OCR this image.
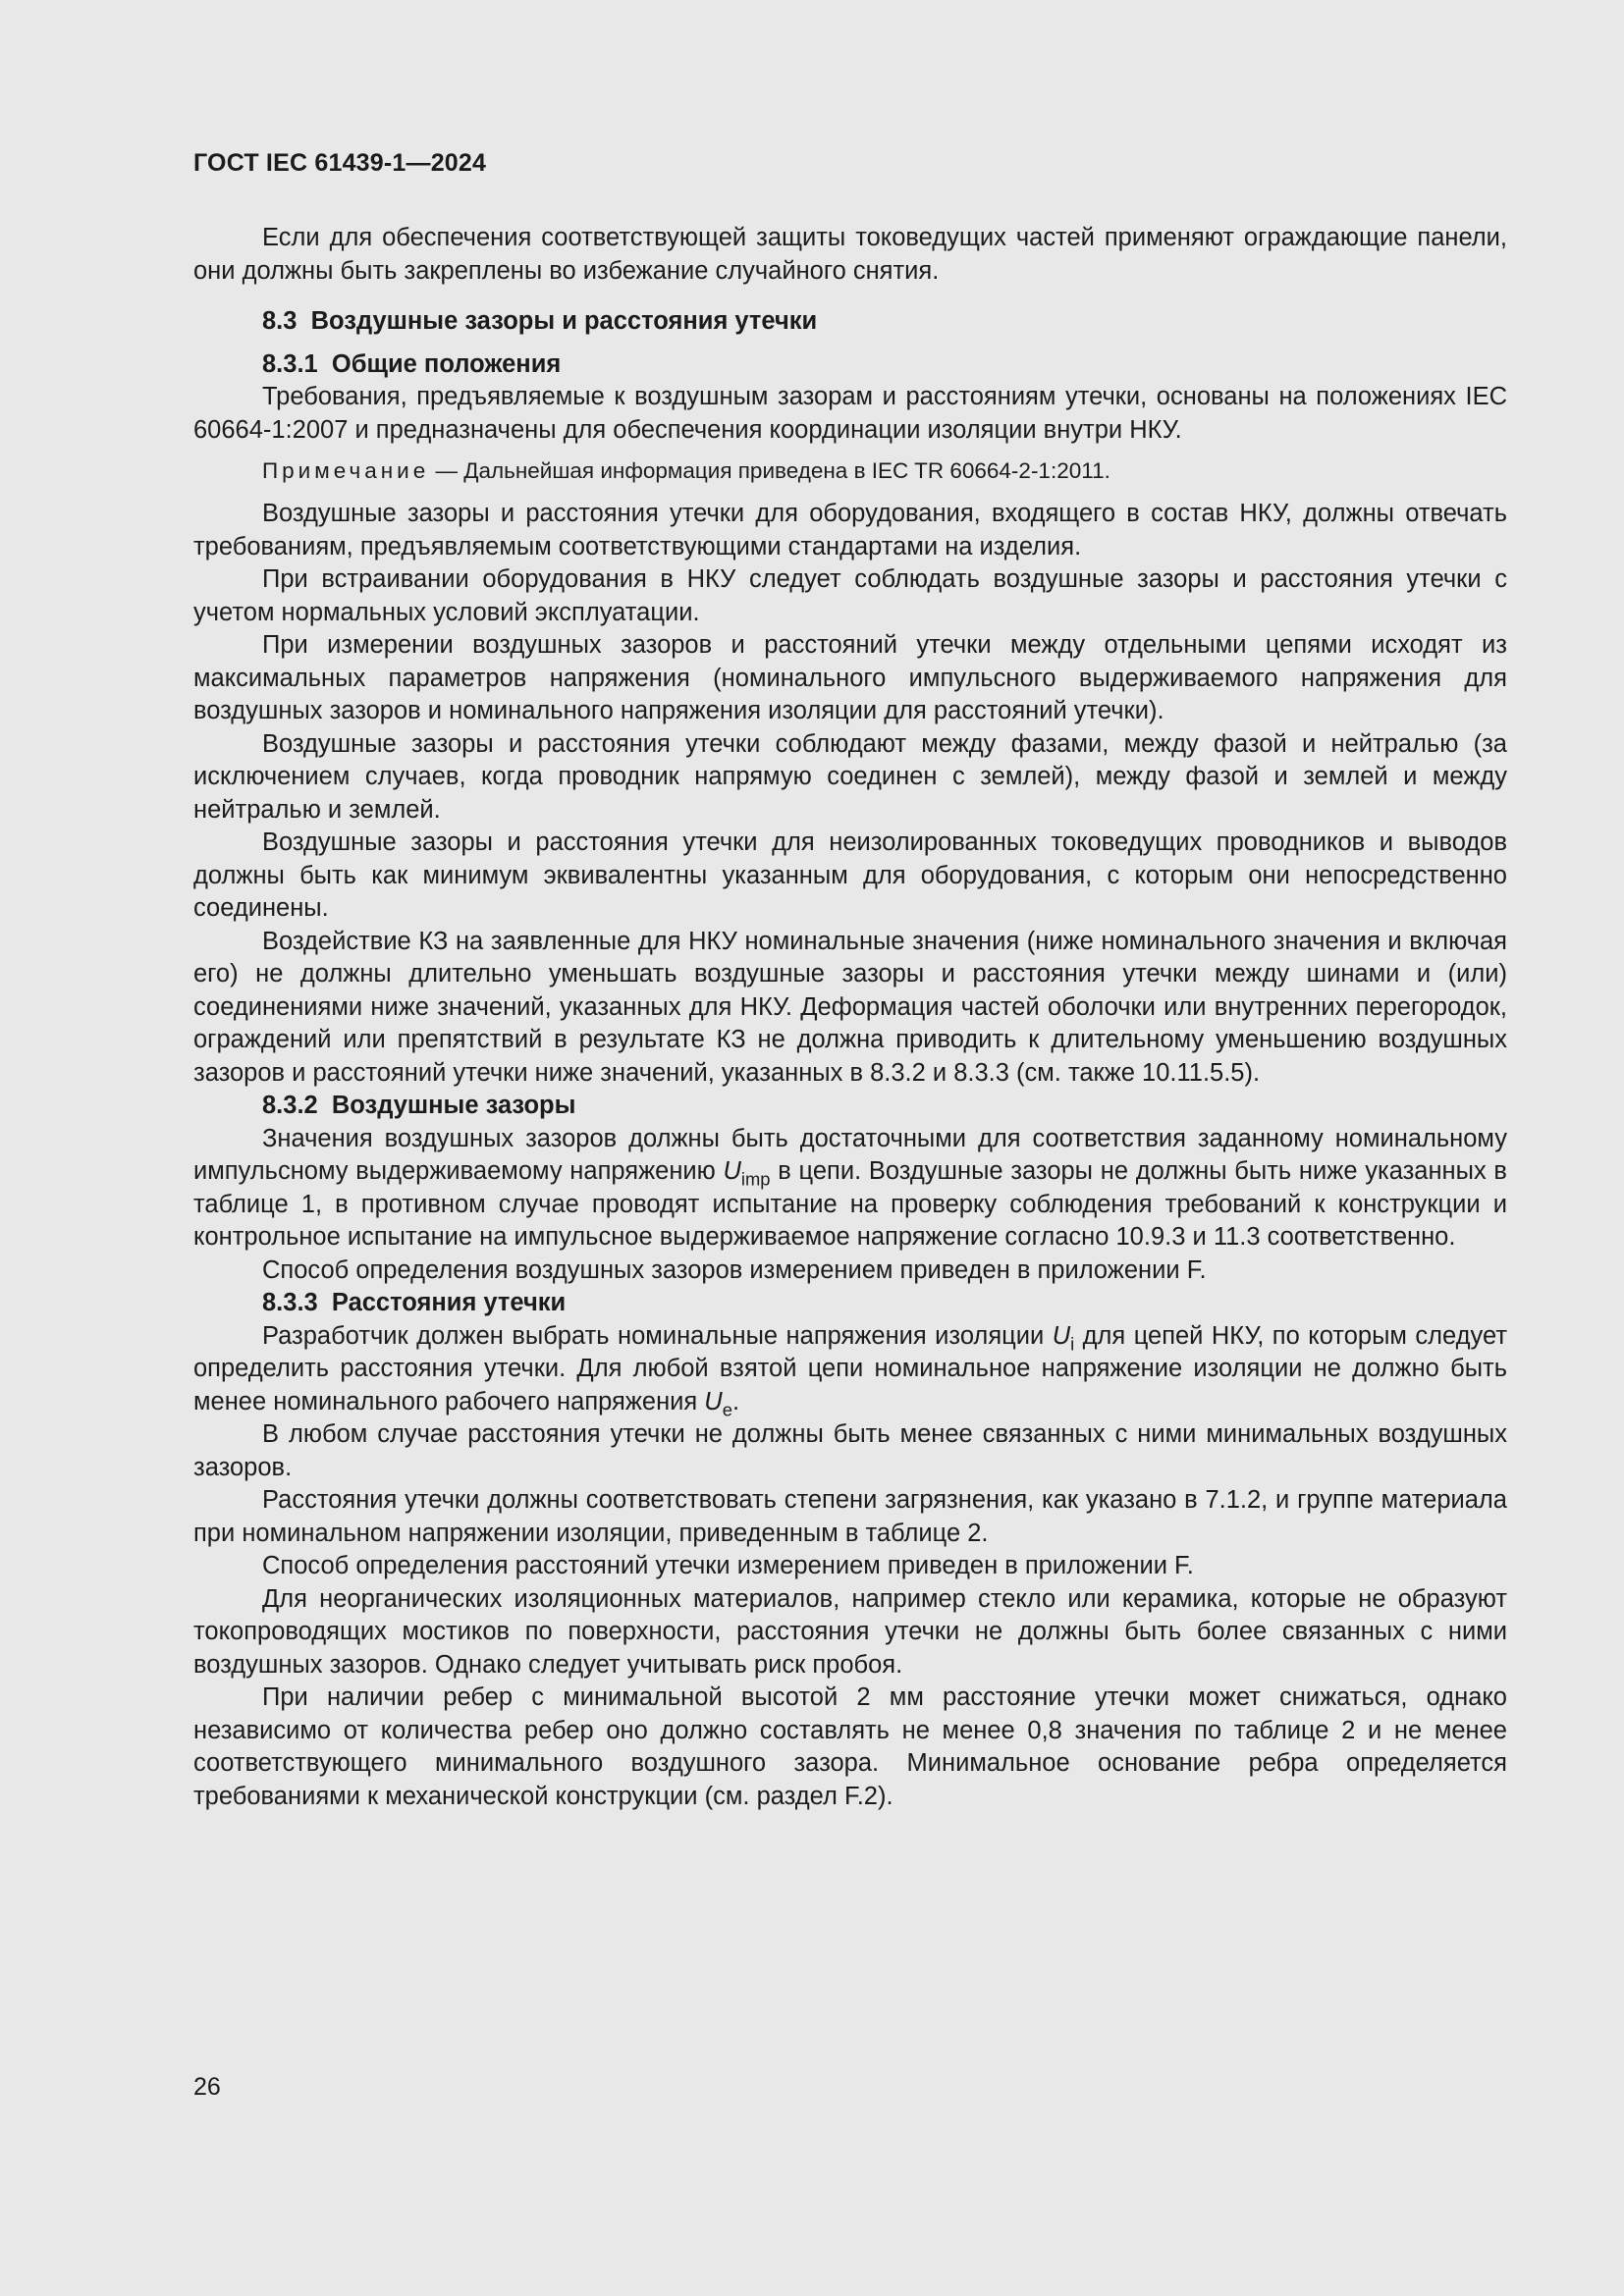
ГОСТ IEC 61439-1—2024

Если для обеспечения соответствующей защиты токоведущих частей применяют ограждающие панели, они должны быть закреплены во избежание случайного снятия.

8.3 Воздушные зазоры и расстояния утечки
8.3.1 Общие положения

Требования, предъявляемые к воздушным зазорам и расстояниям утечки, основаны на положениях IEC 60664-1:2007 и предназначены для обеспечения координации изоляции внутри НКУ.

Примечание — Дальнейшая информация приведена в IEC TR 60664-2-1:2011.

Воздушные зазоры и расстояния утечки для оборудования, входящего в состав НКУ, должны отвечать требованиям, предъявляемым соответствующими стандартами на изделия.

При встраивании оборудования в НКУ следует соблюдать воздушные зазоры и расстояния утечки с учетом нормальных условий эксплуатации.

При измерении воздушных зазоров и расстояний утечки между отдельными цепями исходят из максимальных параметров напряжения (номинального импульсного выдерживаемого напряжения для воздушных зазоров и номинального напряжения изоляции для расстояний утечки).

Воздушные зазоры и расстояния утечки соблюдают между фазами, между фазой и нейтралью (за исключением случаев, когда проводник напрямую соединен с землей), между фазой и землей и между нейтралью и землей.

Воздушные зазоры и расстояния утечки для неизолированных токоведущих проводников и выводов должны быть как минимум эквивалентны указанным для оборудования, с которым они непосредственно соединены.

Воздействие КЗ на заявленные для НКУ номинальные значения (ниже номинального значения и включая его) не должны длительно уменьшать воздушные зазоры и расстояния утечки между шинами и (или) соединениями ниже значений, указанных для НКУ. Деформация частей оболочки или внутренних перегородок, ограждений или препятствий в результате КЗ не должна приводить к длительному уменьшению воздушных зазоров и расстояний утечки ниже значений, указанных в 8.3.2 и 8.3.3 (см. также 10.11.5.5).

8.3.2 Воздушные зазоры

Значения воздушных зазоров должны быть достаточными для соответствия заданному номинальному импульсному выдерживаемому напряжению $U_{imp}$ в цепи. Воздушные зазоры не должны быть ниже указанных в таблице 1, в противном случае проводят испытание на проверку соблюдения требований к конструкции и контрольное испытание на импульсное выдерживаемое напряжение согласно 10.9.3 и 11.3 соответственно.

Способ определения воздушных зазоров измерением приведен в приложении F.

8.3.3 Расстояния утечки

Разработчик должен выбрать номинальные напряжения изоляции $U_i$ для цепей НКУ, по которым следует определить расстояния утечки. Для любой взятой цепи номинальное напряжение изоляции не должно быть менее номинального рабочего напряжения $U_e$.

В любом случае расстояния утечки не должны быть менее связанных с ними минимальных воздушных зазоров.

Расстояния утечки должны соответствовать степени загрязнения, как указано в 7.1.2, и группе материала при номинальном напряжении изоляции, приведенным в таблице 2.

Способ определения расстояний утечки измерением приведен в приложении F.

Для неорганических изоляционных материалов, например стекло или керамика, которые не образуют токопроводящих мостиков по поверхности, расстояния утечки не должны быть более связанных с ними воздушных зазоров. Однако следует учитывать риск пробоя.

При наличии ребер с минимальной высотой 2 мм расстояние утечки может снижаться, однако независимо от количества ребер оно должно составлять не менее 0,8 значения по таблице 2 и не менее соответствующего минимального воздушного зазора. Минимальное основание ребра определяется требованиями к механической конструкции (см. раздел F.2).

26
